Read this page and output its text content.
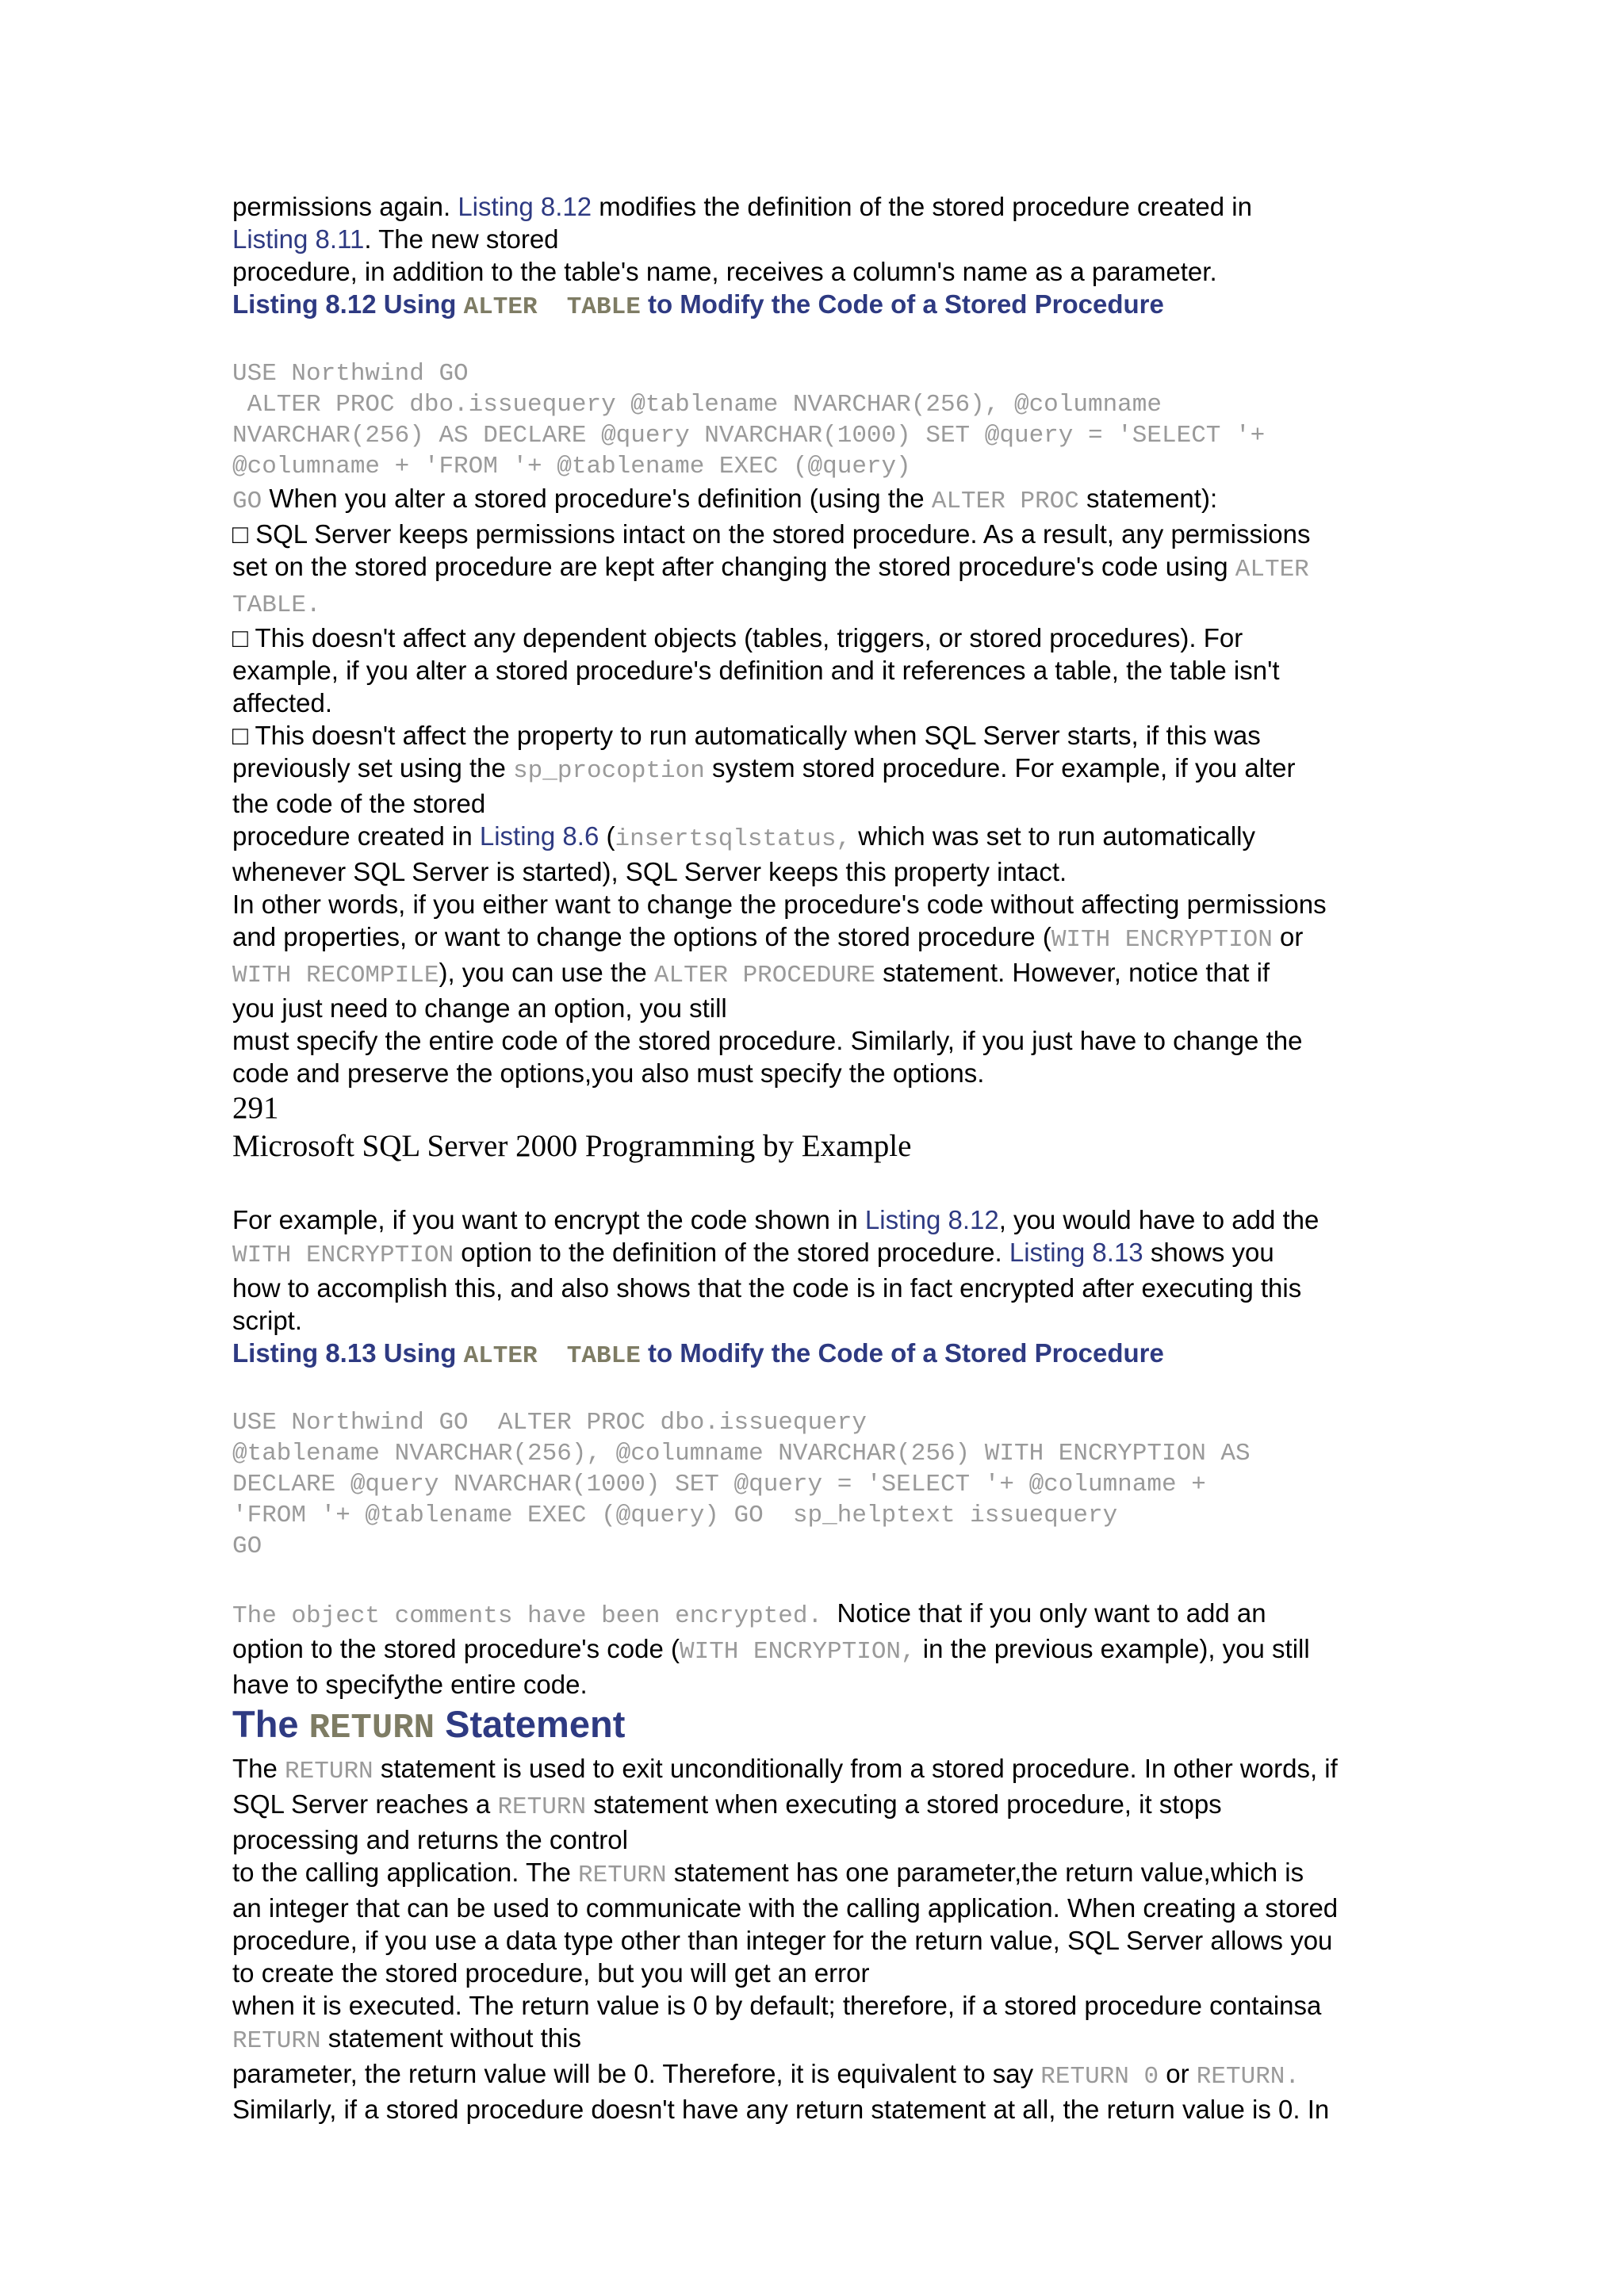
permissions again. Listing 8.12 modifies the definition of the stored procedure created in
Listing 8.11. The new stored
procedure, in addition to the table's name, receives a column's name as a parameter.
Listing 8.12 Using ALTER  TABLE to Modify the Code of a Stored Procedure
USE Northwind GO
ALTER PROC dbo.issuequery @tablename NVARCHAR(256), @columname
NVARCHAR(256) AS DECLARE @query NVARCHAR(1000) SET @query = 'SELECT '+
@columname + 'FROM '+ @tablename EXEC (@query)
GO When you alter a stored procedure's definition (using the ALTER PROC statement):
□ SQL Server keeps permissions intact on the stored procedure. As a result, any permissions
set on the stored procedure are kept after changing the stored procedure's code using ALTER
TABLE.
□ This doesn't affect any dependent objects (tables, triggers, or stored procedures). For
example, if you alter a stored procedure's definition and it references a table, the table isn't
affected.
□ This doesn't affect the property to run automatically when SQL Server starts, if this was
previously set using the sp_procoption system stored procedure. For example, if you alter
the code of the stored
procedure created in Listing 8.6 (insertsqlstatus, which was set to run automatically
whenever SQL Server is started), SQL Server keeps this property intact.
In other words, if you either want to change the procedure's code without affecting permissions
and properties, or want to change the options of the stored procedure (WITH ENCRYPTION or
WITH RECOMPILE), you can use the ALTER PROCEDURE statement. However, notice that if
you just need to change an option, you still
must specify the entire code of the stored procedure. Similarly, if you just have to change the
code and preserve the options,you also must specify the options.
291
Microsoft SQL Server 2000 Programming by Example
For example, if you want to encrypt the code shown in Listing 8.12, you would have to add the
WITH ENCRYPTION option to the definition of the stored procedure. Listing 8.13 shows you
how to accomplish this, and also shows that the code is in fact encrypted after executing this
script.
Listing 8.13 Using ALTER  TABLE to Modify the Code of a Stored Procedure
USE Northwind GO  ALTER PROC dbo.issuequery
@tablename NVARCHAR(256), @columname NVARCHAR(256) WITH ENCRYPTION AS
DECLARE @query NVARCHAR(1000) SET @query = 'SELECT '+ @columname +
'FROM '+ @tablename EXEC (@query) GO  sp_helptext issuequery
GO
The object comments have been encrypted.  Notice that if you only want to add an
option to the stored procedure's code (WITH ENCRYPTION, in the previous example), you still
have to specifythe entire code.
The RETURN Statement
The RETURN statement is used to exit unconditionally from a stored procedure. In other words, if
SQL Server reaches a RETURN statement when executing a stored procedure, it stops
processing and returns the control
to the calling application. The RETURN statement has one parameter,the return value,which is
an integer that can be used to communicate with the calling application. When creating a stored
procedure, if you use a data type other than integer for the return value, SQL Server allows you
to create the stored procedure, but you will get an error
when it is executed. The return value is 0 by default; therefore, if a stored procedure containsa
RETURN statement without this
parameter, the return value will be 0. Therefore, it is equivalent to say RETURN 0 or RETURN.
Similarly, if a stored procedure doesn't have any return statement at all, the return value is 0. In
